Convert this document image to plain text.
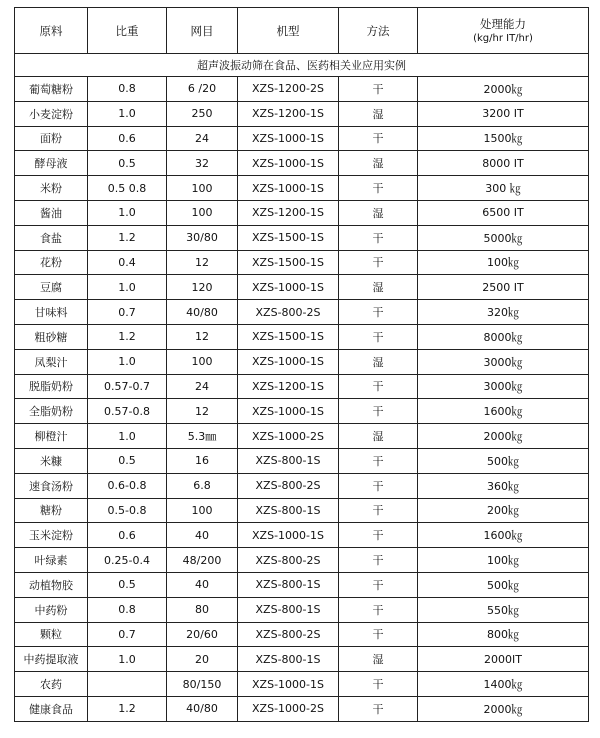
原料	比重	网目	机型	方法	处理能力
(kg/hr IT/hr)

超声波振动筛在食品、医药相关业应用实例					
葡萄糖粉	0.8	6 /20	XZS-1200-2S	干	2000㎏
小麦淀粉	1.0	250	XZS-1200-1S	湿	3200 IT
面粉	0.6	24	XZS-1000-1S	干	1500㎏
酵母液	0.5	32	XZS-1000-1S	湿	8000 IT
米粉	0.5 0.8	100	XZS-1000-1S	干	300 ㎏
酱油	1.0	100	XZS-1200-1S	湿	6500 IT
食盐	1.2	30/80	XZS-1500-1S	干	5000㎏
花粉	0.4	12	XZS-1500-1S	干	100㎏
豆腐	1.0	120	XZS-1000-1S	湿	2500 IT
甘味料	0.7	40/80	XZS-800-2S	干	320㎏
粗砂糖	1.2	12	XZS-1500-1S	干	8000㎏
凤梨汁	1.0	100	XZS-1000-1S	湿	3000㎏
脱脂奶粉	0.57-0.7	24	XZS-1200-1S	干	3000㎏
全脂奶粉	0.57-0.8	12	XZS-1000-1S	干	1600㎏
柳橙汁	1.0	5.3㎜	XZS-1000-2S	湿	2000㎏
米糠	0.5	16	XZS-800-1S	干	500㎏
速食汤粉	0.6-0.8	6.8	XZS-800-2S	干	360㎏
糖粉	0.5-0.8	100	XZS-800-1S	干	200㎏
玉米淀粉	0.6	40	XZS-1000-1S	干	1600㎏
叶绿素	0.25-0.4	48/200	XZS-800-2S	干	100㎏
动植物胶	0.5	40	XZS-800-1S	干	500㎏
中药粉	0.8	80	XZS-800-1S	干	550㎏
颗粒	0.7	20/60	XZS-800-2S	干	800㎏
中药提取液	1.0	20	XZS-800-1S	湿	2000IT
农药		80/150	XZS-1000-1S	干	1400㎏
健康食品	1.2	40/80	XZS-1000-2S	干	2000㎏
